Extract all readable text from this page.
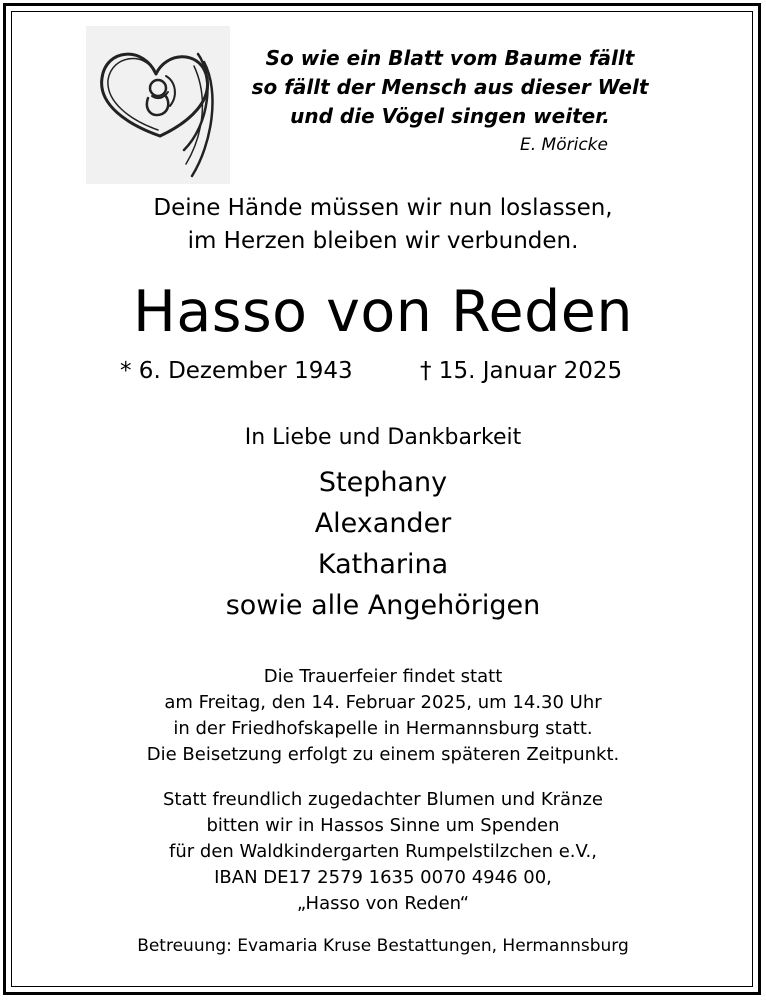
So wie ein Blatt vom Baume fällt
so fällt der Mensch aus dieser Welt
und die Vögel singen weiter.
E. Möricke
Deine Hände müssen wir nun loslassen,
im Herzen bleiben wir verbunden.
Hasso von Reden
* 6. Dezember 1943	† 15. Januar 2025
In Liebe und Dankbarkeit
Stephany
Alexander
Katharina
sowie alle Angehörigen
Die Trauerfeier findet statt
am Freitag, den 14. Februar 2025, um 14.30 Uhr
in der Friedhofskapelle in Hermannsburg statt.
Die Beisetzung erfolgt zu einem späteren Zeitpunkt.
Statt freundlich zugedachter Blumen und Kränze
bitten wir in Hassos Sinne um Spenden
für den Waldkindergarten Rumpelstilzchen e.V.,
IBAN DE17 2579 1635 0070 4946 00,
„Hasso von Reden“
Betreuung: Evamaria Kruse Bestattungen, Hermannsburg
